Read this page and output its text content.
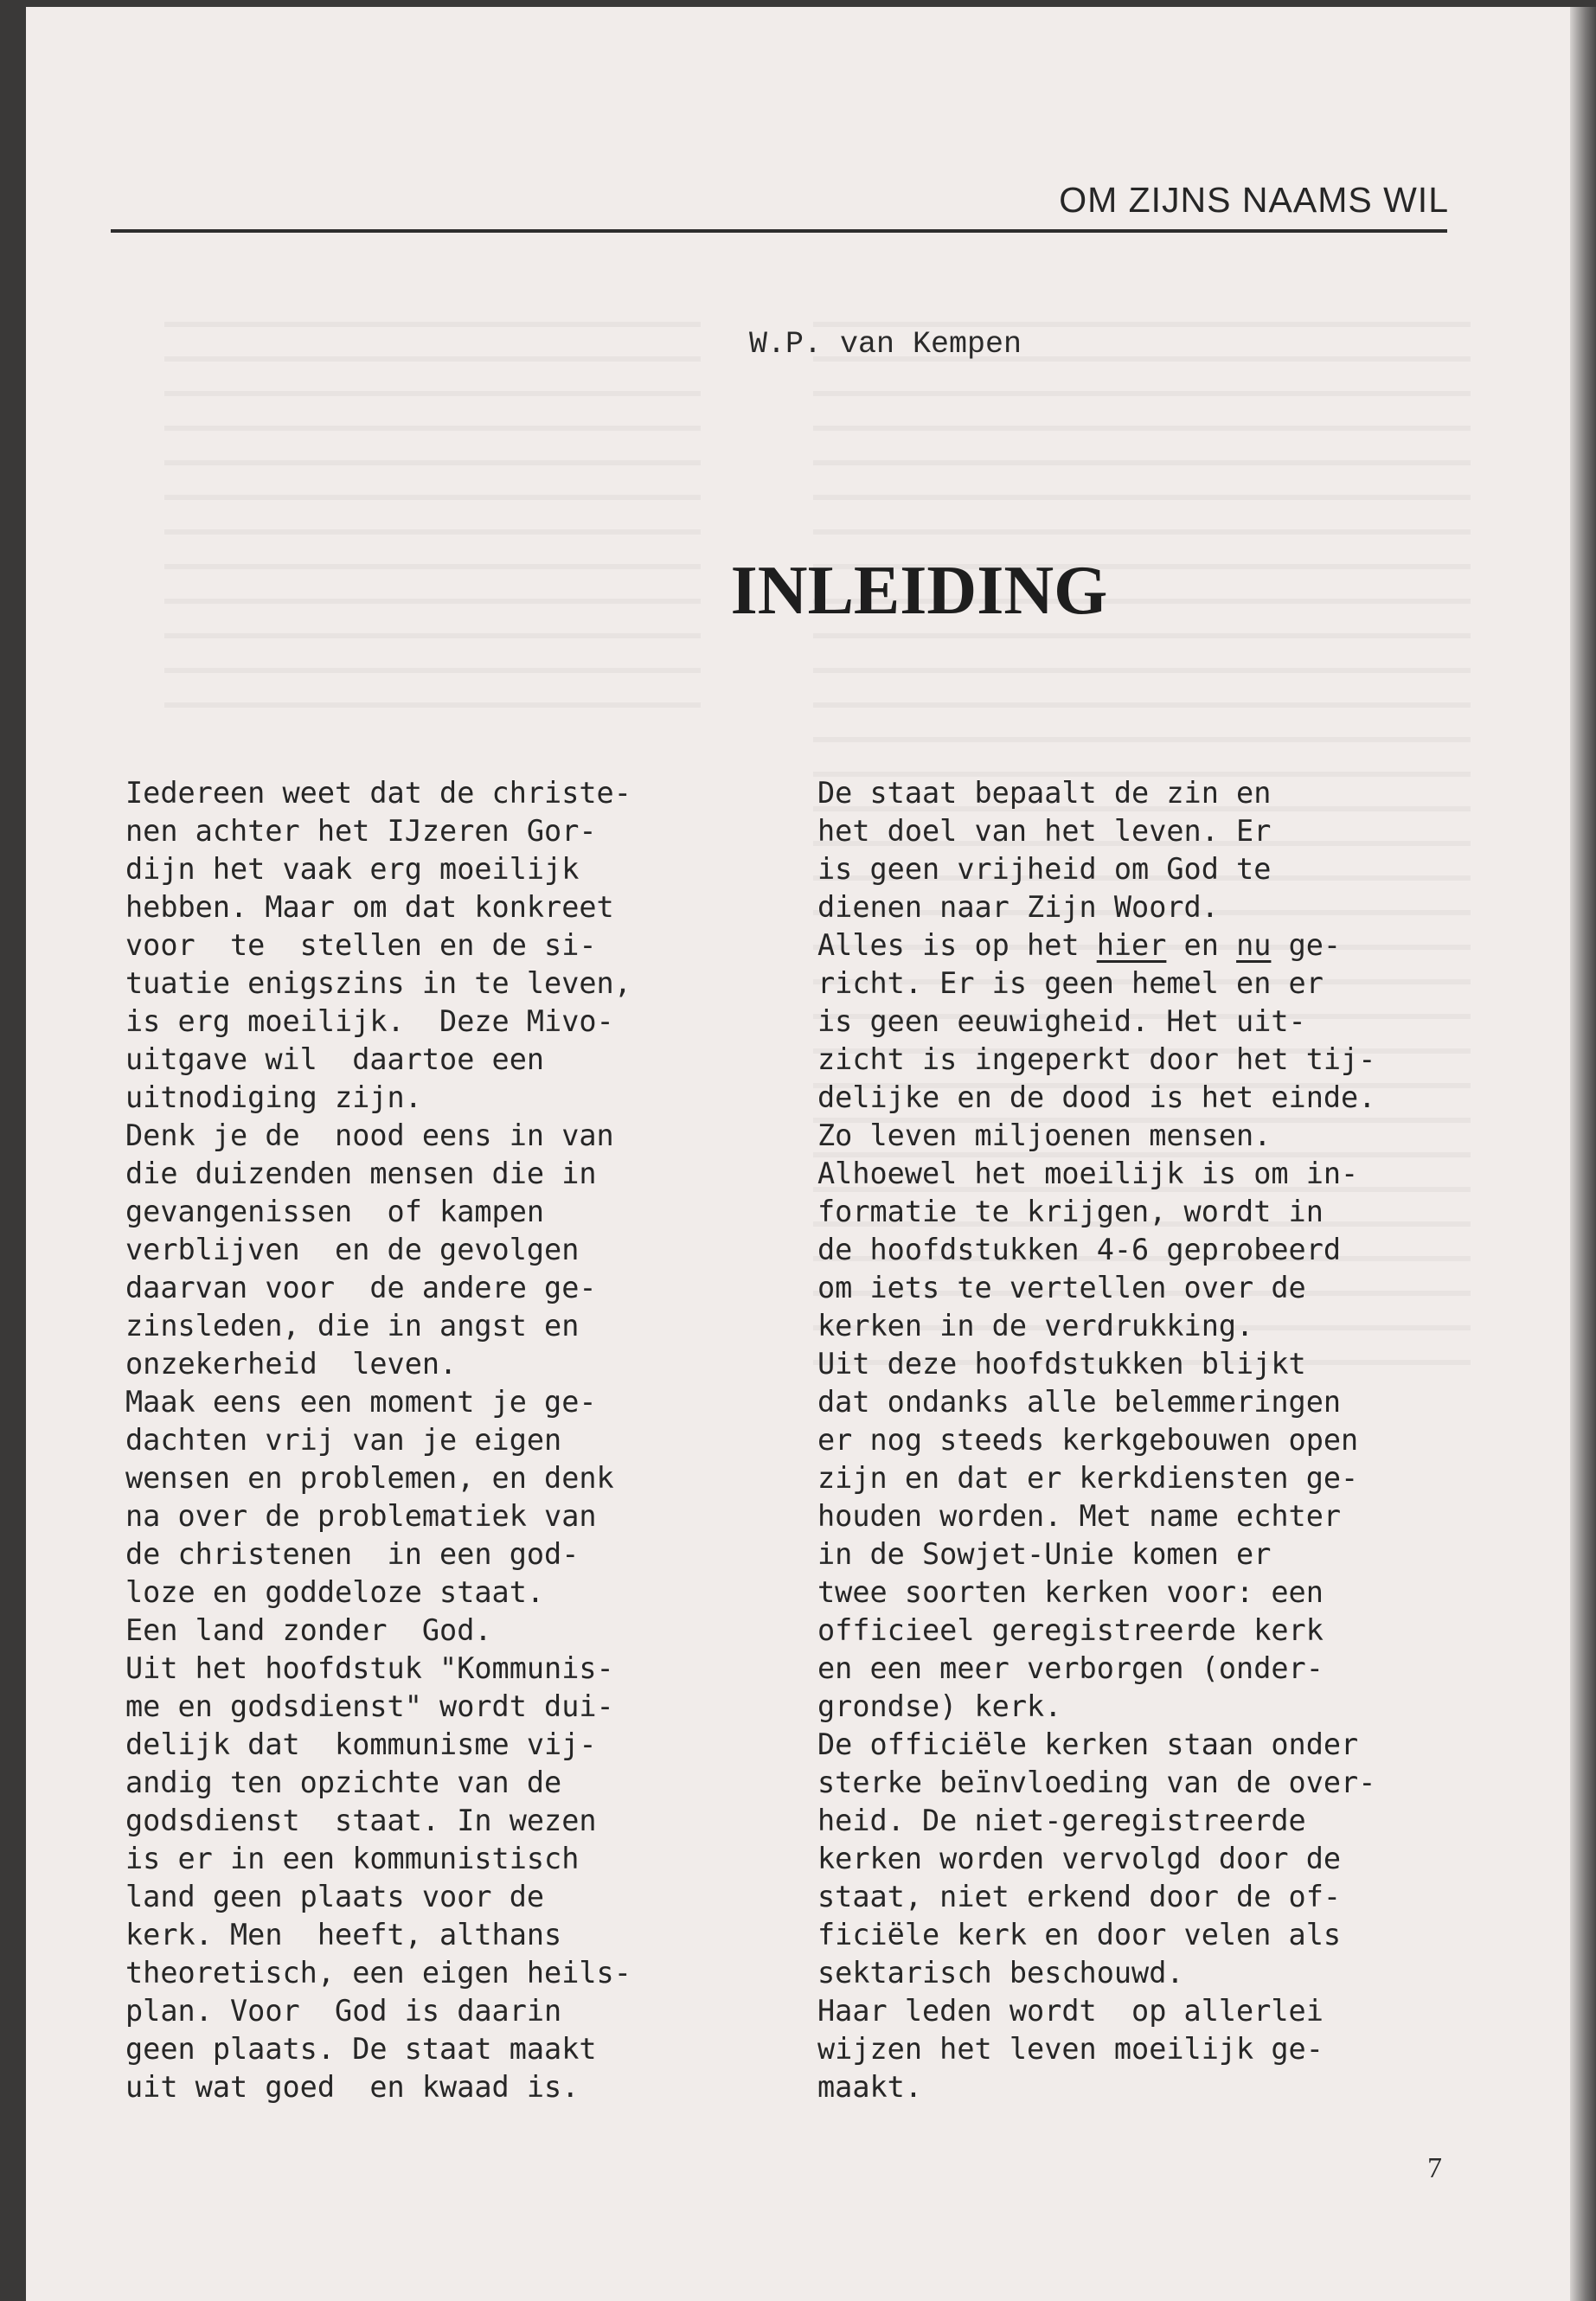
OM ZIJNS NAAMS WIL
W.P. van Kempen
INLEIDING
Iedereen weet dat de christe-
nen achter het IJzeren Gor-
dijn het vaak erg moeilijk
hebben. Maar om dat konkreet
voor  te  stellen en de si-
tuatie enigszins in te leven,
is erg moeilijk.  Deze Mivo-
uitgave wil  daartoe een
uitnodiging zijn.
Denk je de  nood eens in van
die duizenden mensen die in
gevangenissen  of kampen
verblijven  en de gevolgen
daarvan voor  de andere ge-
zinsleden, die in angst en
onzekerheid  leven.
Maak eens een moment je ge-
dachten vrij van je eigen
wensen en problemen, en denk
na over de problematiek van
de christenen  in een god-
loze en goddeloze staat.
Een land zonder  God.
Uit het hoofdstuk "Kommunis-
me en godsdienst" wordt dui-
delijk dat  kommunisme vij-
andig ten opzichte van de
godsdienst  staat. In wezen
is er in een kommunistisch
land geen plaats voor de
kerk. Men  heeft, althans
theoretisch, een eigen heils-
plan. Voor  God is daarin
geen plaats. De staat maakt
uit wat goed  en kwaad is.
De staat bepaalt de zin en
het doel van het leven. Er
is geen vrijheid om God te
dienen naar Zijn Woord.
Alles is op het hier en nu ge-
richt. Er is geen hemel en er
is geen eeuwigheid. Het uit-
zicht is ingeperkt door het tij-
delijke en de dood is het einde.
Zo leven miljoenen mensen.
Alhoewel het moeilijk is om in-
formatie te krijgen, wordt in
de hoofdstukken 4-6 geprobeerd
om iets te vertellen over de
kerken in de verdrukking.
Uit deze hoofdstukken blijkt
dat ondanks alle belemmeringen
er nog steeds kerkgebouwen open
zijn en dat er kerkdiensten ge-
houden worden. Met name echter
in de Sowjet-Unie komen er
twee soorten kerken voor: een
officieel geregistreerde kerk
en een meer verborgen (onder-
grondse) kerk.
De officiële kerken staan onder
sterke beïnvloeding van de over-
heid. De niet-geregistreerde
kerken worden vervolgd door de
staat, niet erkend door de of-
ficiële kerk en door velen als
sektarisch beschouwd.
Haar leden wordt  op allerlei
wijzen het leven moeilijk ge-
maakt.
7
